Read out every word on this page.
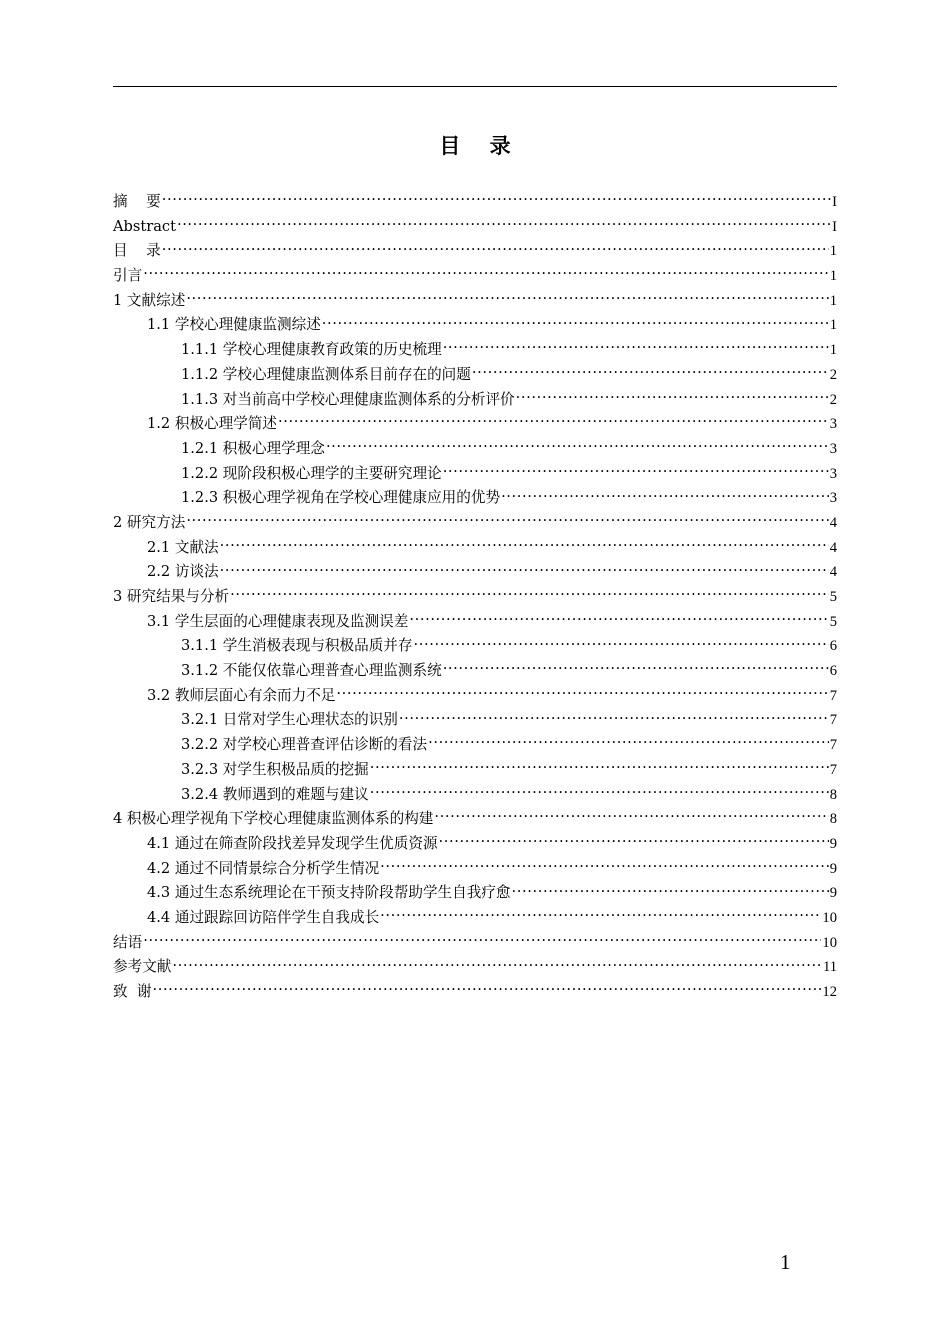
目    录
摘    要 .....	I
Abstract .....	I
目    录 .....	1
引言 .....	1
1 文献综述 .....	1
1.1 学校心理健康监测综述 .....	1
1.1.1 学校心理健康教育政策的历史梳理 .....	1
1.1.2 学校心理健康监测体系目前存在的问题 .....	2
1.1.3 对当前高中学校心理健康监测体系的分析评价 .....	2
1.2 积极心理学简述 .....	3
1.2.1 积极心理学理念 .....	3
1.2.2 现阶段积极心理学的主要研究理论 .....	3
1.2.3 积极心理学视角在学校心理健康应用的优势 .....	3
2 研究方法 .....	4
2.1 文献法 .....	4
2.2 访谈法 .....	4
3 研究结果与分析 .....	5
3.1 学生层面的心理健康表现及监测误差 .....	5
3.1.1 学生消极表现与积极品质并存 .....	6
3.1.2 不能仅依靠心理普查心理监测系统 .....	6
3.2 教师层面心有余而力不足 .....	7
3.2.1 日常对学生心理状态的识别 .....	7
3.2.2 对学校心理普查评估诊断的看法 .....	7
3.2.3 对学生积极品质的挖掘 .....	7
3.2.4 教师遇到的难题与建议 .....	8
4 积极心理学视角下学校心理健康监测体系的构建 .....	8
4.1 通过在筛查阶段找差异发现学生优质资源 .....	9
4.2 通过不同情景综合分析学生情况 .....	9
4.3 通过生态系统理论在干预支持阶段帮助学生自我疗愈 .....	9
4.4 通过跟踪回访陪伴学生自我成长 .....	10
结语 .....	10
参考文献 .....	11
致  谢 .....	12
1
